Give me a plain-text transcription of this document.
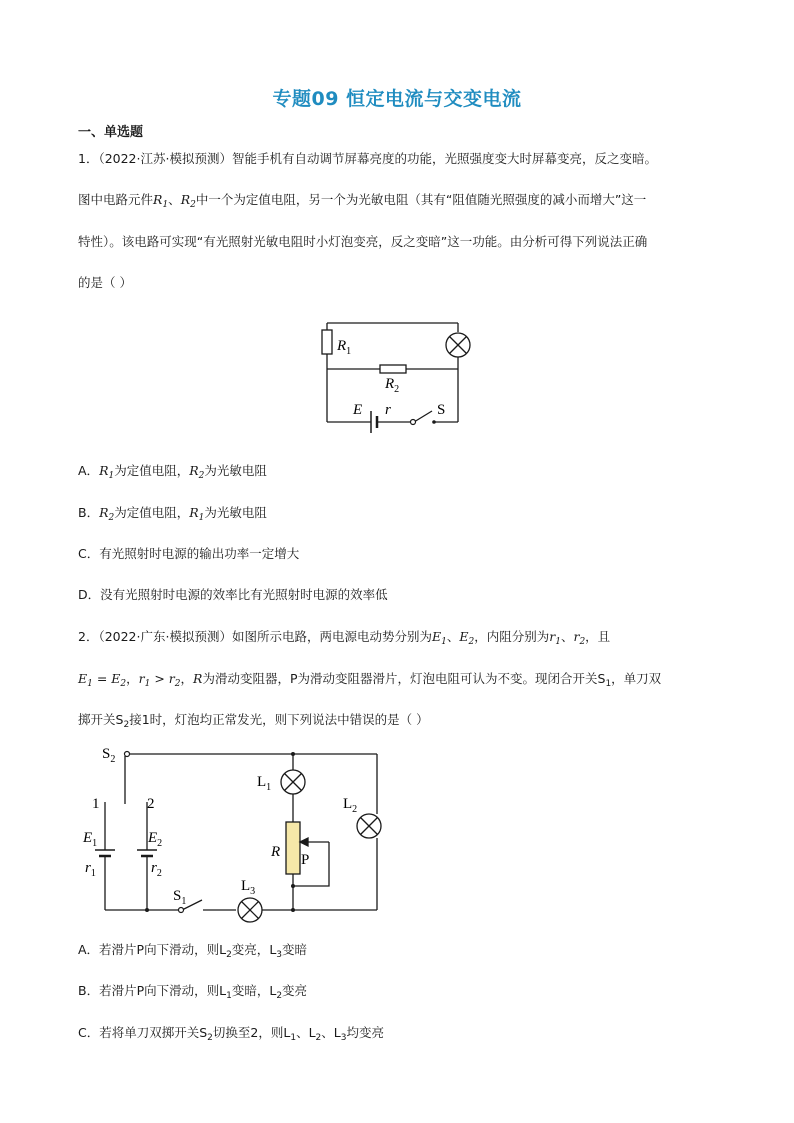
专题09 恒定电流与交变电流
一、单选题
1．（2022·江苏·模拟预测）智能手机有自动调节屏幕亮度的功能，光照强度变大时屏幕变亮，反之变暗。
图中电路元件$R_1$、$R_2$中一个为定值电阻，另一个为光敏电阻（其有“阻值随光照强度的减小而增大”这一
特性）。该电路可实现“有光照射光敏电阻时小灯泡变亮，反之变暗”这一功能。由分析可得下列说法正确
的是（ ）
$R_1$
$R_2$
E r	S
A．$R_1$为定值电阻，$R_2$为光敏电阻
B．$R_2$为定值电阻，$R_1$为光敏电阻
C．有光照射时电源的输出功率一定增大
D．没有光照射时电源的效率比有光照射时电源的效率低
2．（2022·广东·模拟预测）如图所示电路，两电源电动势分别为$E_1$、$E_2$，内阻分别为$r_1$、$r_2$，且
$E_1 = E_2$，$r_1 > r_2$，R为滑动变阻器，P为滑动变阻器滑片，灯泡电阻可认为不变。现闭合开关$S_1$，单刀双
掷开关$S_2$接1时，灯泡均正常发光，则下列说法中错误的是（ ）
$S_2$
1	2
$E_1$	$E_2$
$r_1$	$r_2$
$S_1$
$L_3$
$L_1$
$L_2$
R P
A．若滑片P向下滑动，则$L_2$变亮，$L_3$变暗
B．若滑片P向下滑动，则$L_1$变暗，$L_2$变亮
C．若将单刀双掷开关$S_2$切换至2，则$L_1$、$L_2$、$L_3$均变亮
